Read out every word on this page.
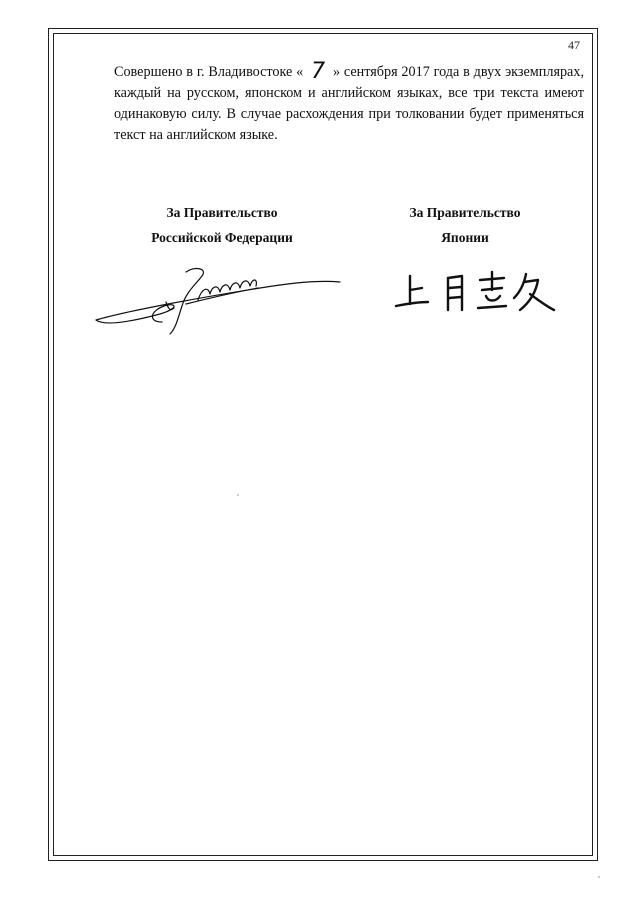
47

Совершено в г. Владивостоке « 7 » сентября 2017 года в двух экземплярах, каждый на русском, японском и английском языках, все три текста имеют одинаковую силу. В случае расхождения при толковании будет применяться текст на английском языке.

За Правительство
Российской Федерации
За Правительство
Японии
